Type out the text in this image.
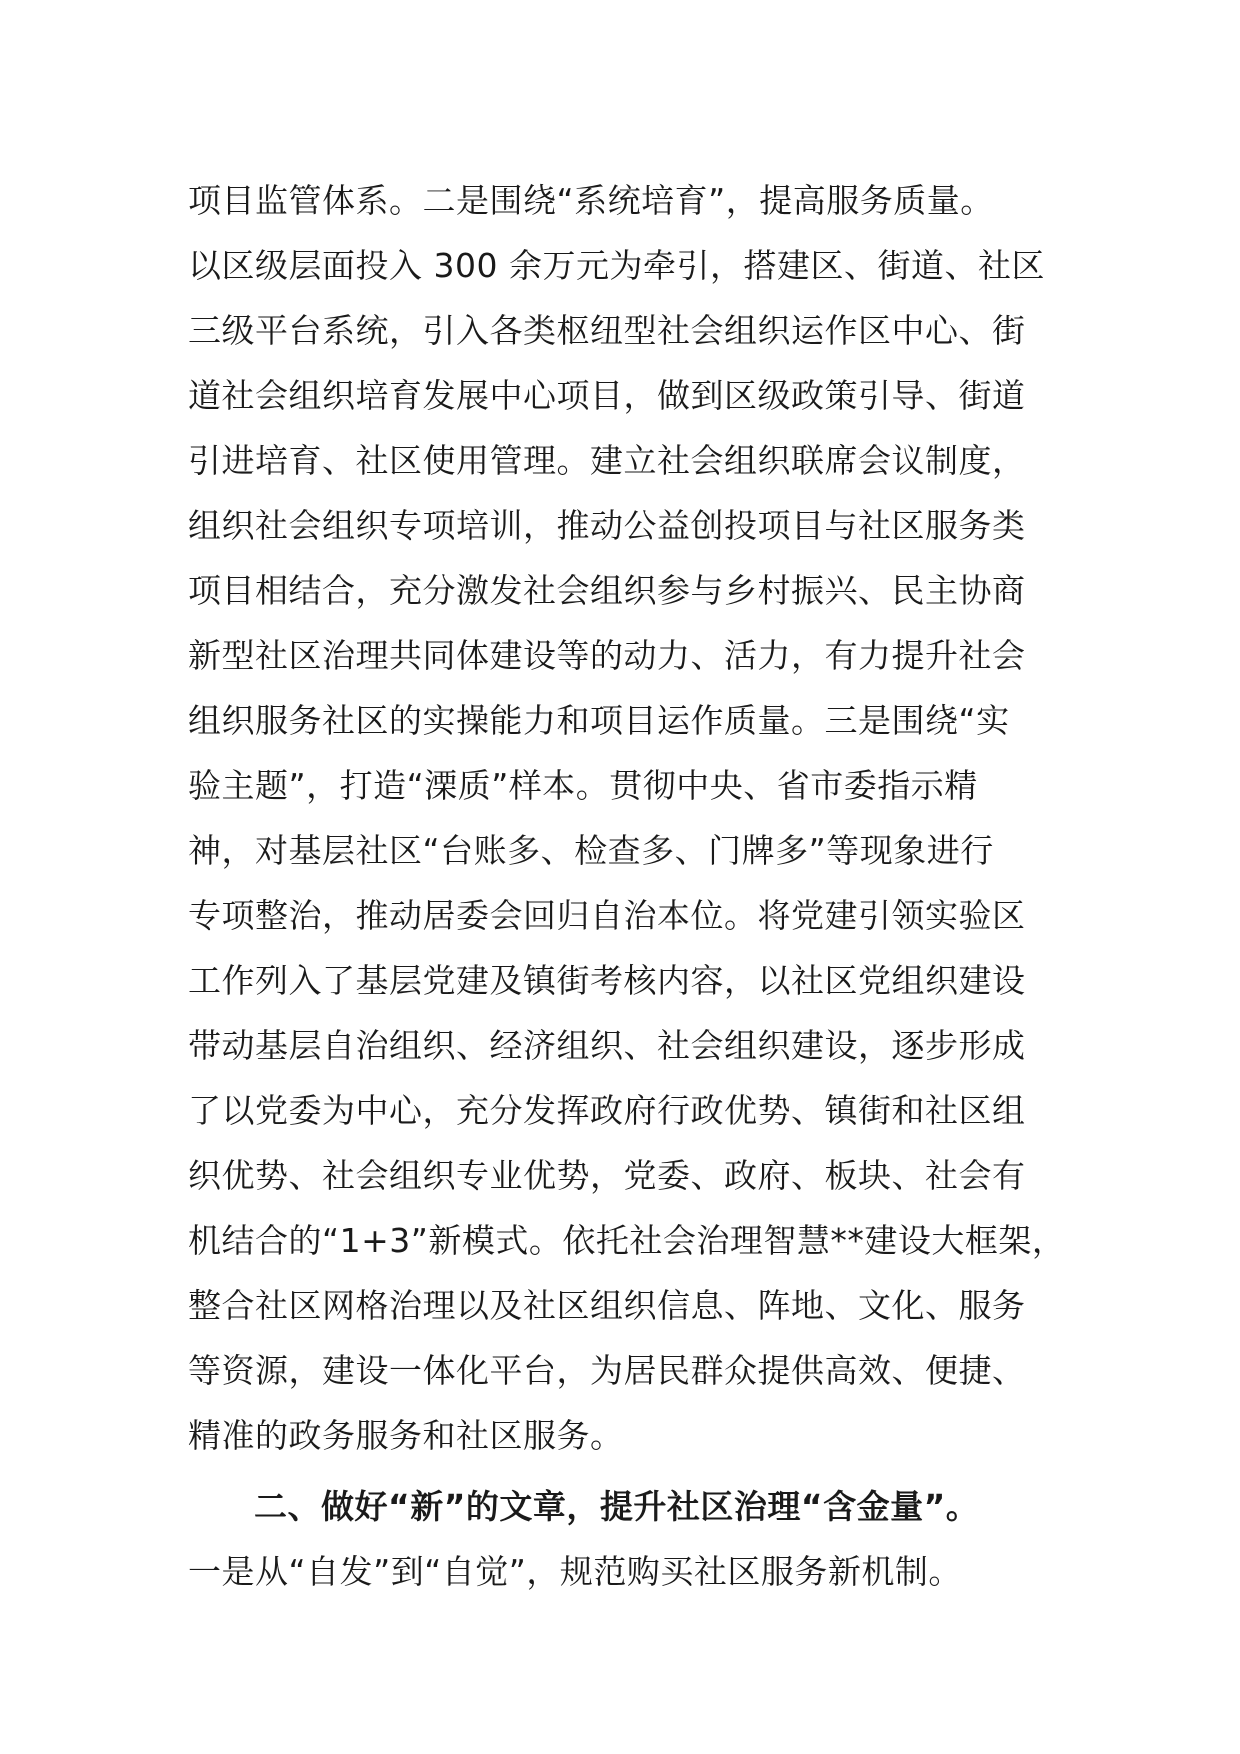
项目监管体系。二是围绕“系统培育”，提高服务质量。
以区级层面投入 300 余万元为牵引，搭建区、街道、社区
三级平台系统，引入各类枢纽型社会组织运作区中心、街
道社会组织培育发展中心项目，做到区级政策引导、街道
引进培育、社区使用管理。建立社会组织联席会议制度，
组织社会组织专项培训，推动公益创投项目与社区服务类
项目相结合，充分激发社会组织参与乡村振兴、民主协商
新型社区治理共同体建设等的动力、活力，有力提升社会
组织服务社区的实操能力和项目运作质量。三是围绕“实
验主题”，打造“溧质”样本。贯彻中央、省市委指示精
神，对基层社区“台账多、检查多、门牌多”等现象进行
专项整治，推动居委会回归自治本位。将党建引领实验区
工作列入了基层党建及镇街考核内容，以社区党组织建设
带动基层自治组织、经济组织、社会组织建设，逐步形成
了以党委为中心，充分发挥政府行政优势、镇街和社区组
织优势、社会组织专业优势，党委、政府、板块、社会有
机结合的“1+3”新模式。依托社会治理智慧**建设大框架，
整合社区网格治理以及社区组织信息、阵地、文化、服务
等资源，建设一体化平台，为居民群众提供高效、便捷、
精准的政务服务和社区服务。
二、做好“新”的文章，提升社区治理“含金量”。
一是从“自发”到“自觉”，规范购买社区服务新机制。
